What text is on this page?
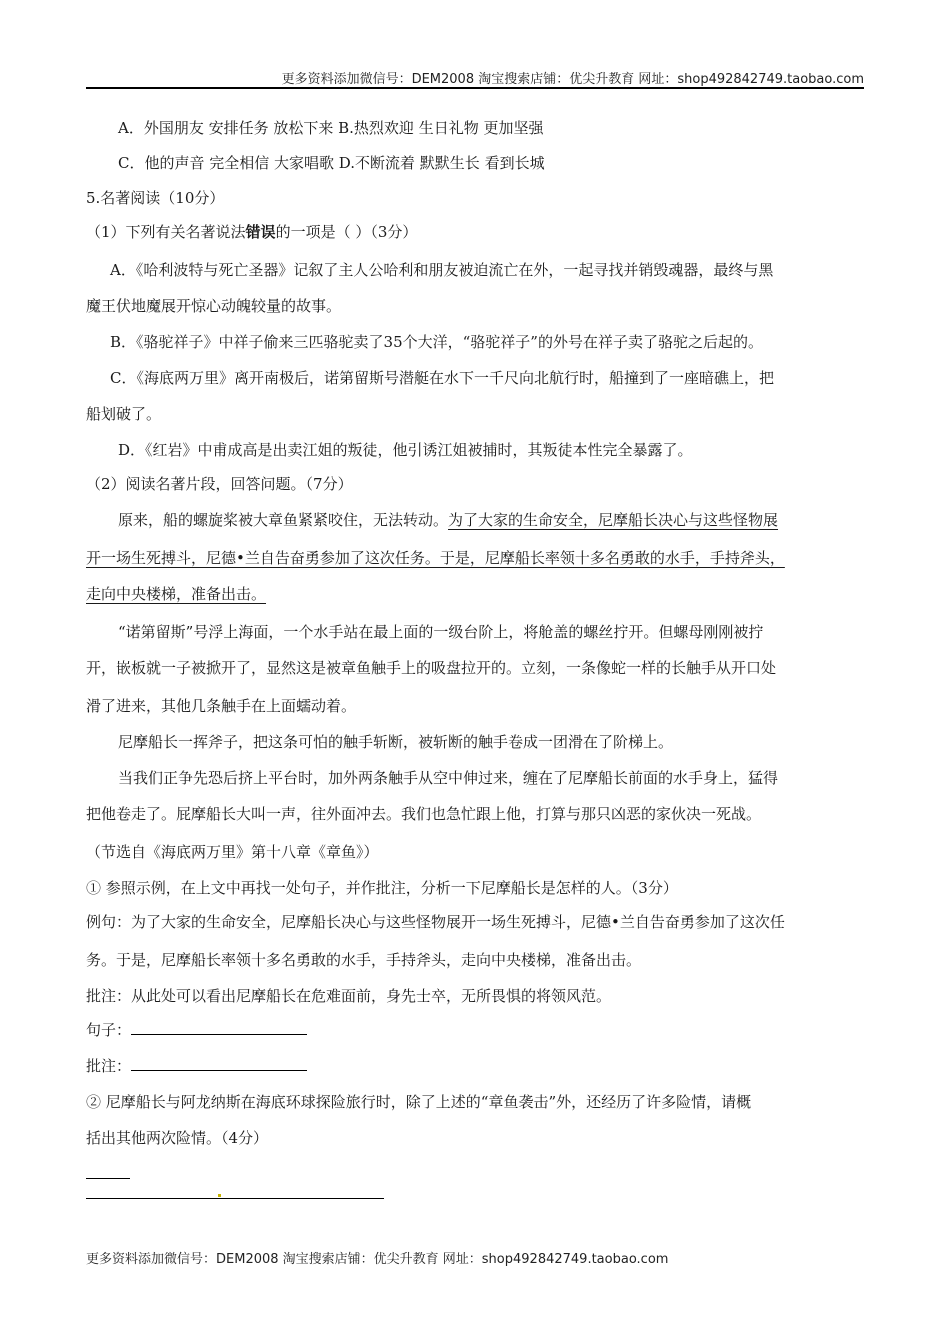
更多资料添加微信号：DEM2008 淘宝搜索店铺：优尖升教育 网址：shop492842749.taobao.com
A．外国朋友 安排任务 放松下来 B.热烈欢迎 生日礼物 更加坚强
C．他的声音 完全相信 大家唱歌 D.不断流着 默默生长 看到长城
5.名著阅读（10分）
（1）下列有关名著说法错误的一项是（ ）（3分）
A．《哈利波特与死亡圣器》记叙了主人公哈利和朋友被迫流亡在外，一起寻找并销毁魂器，最终与黑
魔王伏地魔展开惊心动魄较量的故事。
B．《骆驼祥子》中祥子偷来三匹骆驼卖了35个大洋，“骆驼祥子”的外号在祥子卖了骆驼之后起的。
C．《海底两万里》离开南极后，诺第留斯号潜艇在水下一千尺向北航行时，船撞到了一座暗礁上，把
船划破了。
D．《红岩》中甫成高是出卖江姐的叛徒，他引诱江姐被捕时，其叛徒本性完全暴露了。
（2）阅读名著片段，回答问题。（7分）
原来，船的螺旋桨被大章鱼紧紧咬住，无法转动。为了大家的生命安全，尼摩船长决心与这些怪物展
开一场生死搏斗，尼德•兰自告奋勇参加了这次任务。于是，尼摩船长率领十多名勇敢的水手，手持斧头，
走向中央楼梯，准备出击。
“诺第留斯”号浮上海面，一个水手站在最上面的一级台阶上，将舱盖的螺丝拧开。但螺母刚刚被拧
开，嵌板就一子被掀开了，显然这是被章鱼触手上的吸盘拉开的。立刻，一条像蛇一样的长触手从开口处
滑了进来，其他几条触手在上面蠕动着。
尼摩船长一挥斧子，把这条可怕的触手斩断，被斩断的触手卷成一团滑在了阶梯上。
当我们正争先恐后挤上平台时，加外两条触手从空中伸过来，缠在了尼摩船长前面的水手身上，猛得
把他卷走了。屁摩船长大叫一声，往外面冲去。我们也急忙跟上他，打算与那只凶恶的家伙决一死战。
（节选自《海底两万里》第十八章《章鱼》）
① 参照示例，在上文中再找一处句子，并作批注，分析一下尼摩船长是怎样的人。（3分）
例句：为了大家的生命安全，尼摩船长决心与这些怪物展开一场生死搏斗，尼德•兰自告奋勇参加了这次任
务。于是，尼摩船长率领十多名勇敢的水手，手持斧头，走向中央楼梯，准备出击。
批注：从此处可以看出尼摩船长在危难面前，身先士卒，无所畏惧的将领风范。
句子：
批注：
② 尼摩船长与阿龙纳斯在海底环球探险旅行时，除了上述的“章鱼袭击”外，还经历了许多险情，请概
括出其他两次险情。（4分）
更多资料添加微信号：DEM2008 淘宝搜索店铺：优尖升教育 网址：shop492842749.taobao.com
